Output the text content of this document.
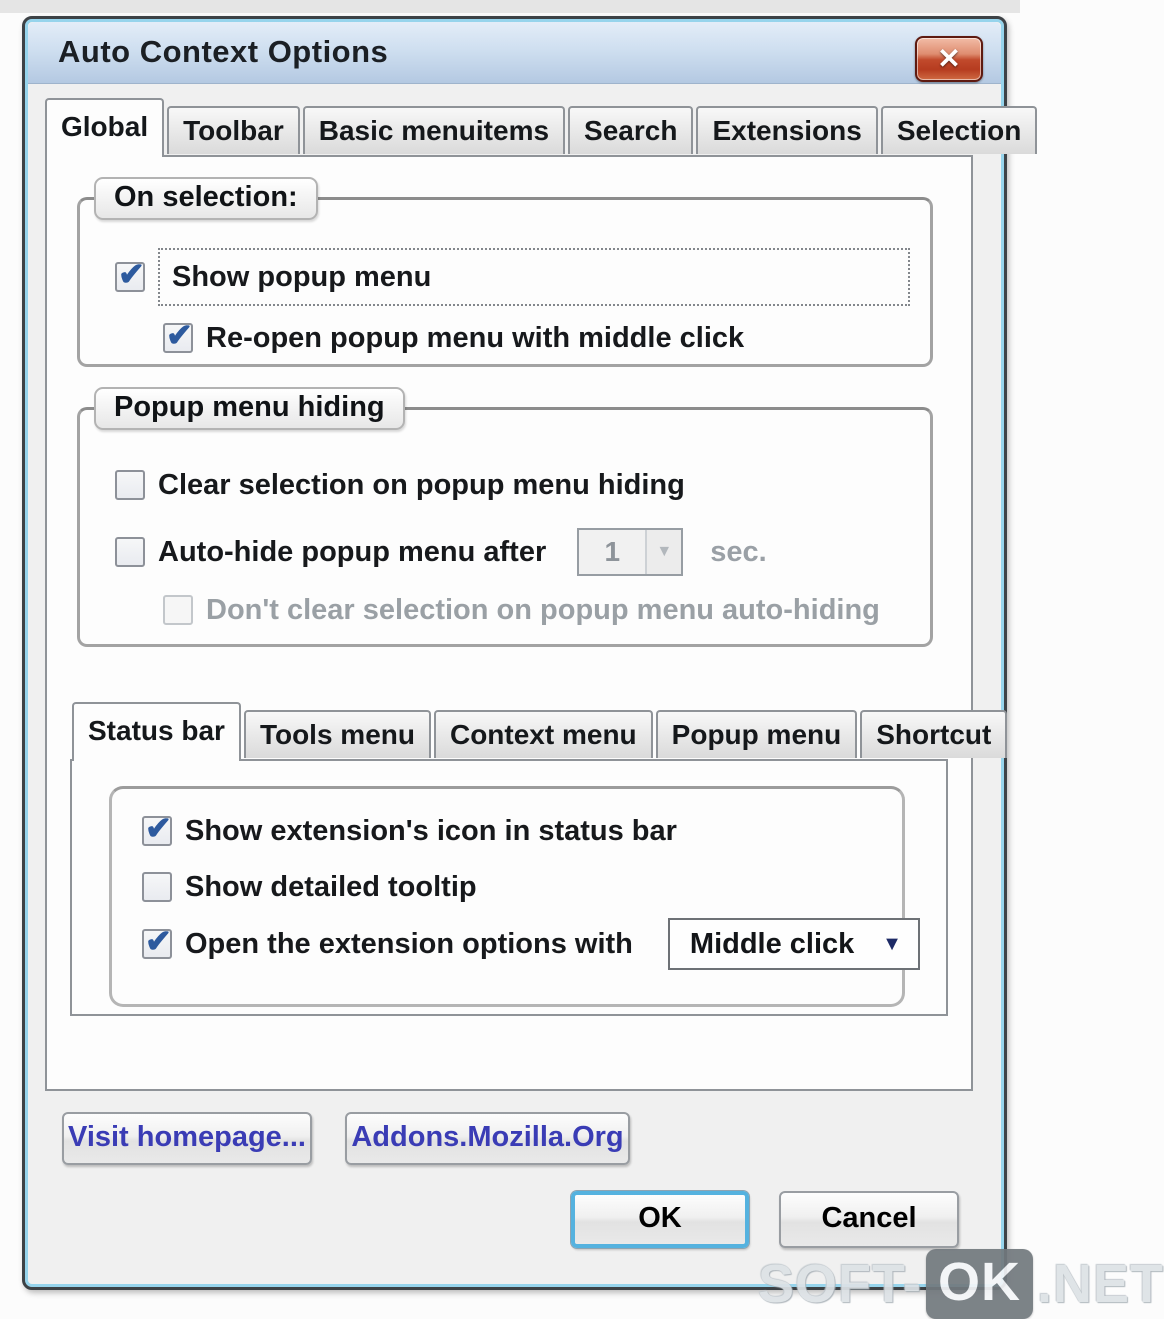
Auto Context Options	✕
Global	Toolbar	Basic menuitems	Search	Extensions	Selection
On selection:
✔ Show popup menu
✔ Re-open popup menu with middle click
Popup menu hiding
Clear selection on popup menu hiding
Auto-hide popup menu after	1	▼	sec.
Don't clear selection on popup menu auto-hiding
Status bar	Tools menu	Context menu	Popup menu	Shortcut
✔ Show extension's icon in status bar
Show detailed tooltip
✔ Open the extension options with Middle click ▼
Visit homepage... Addons.Mozilla.Org
OK	Cancel
SOFT- OK .NET
